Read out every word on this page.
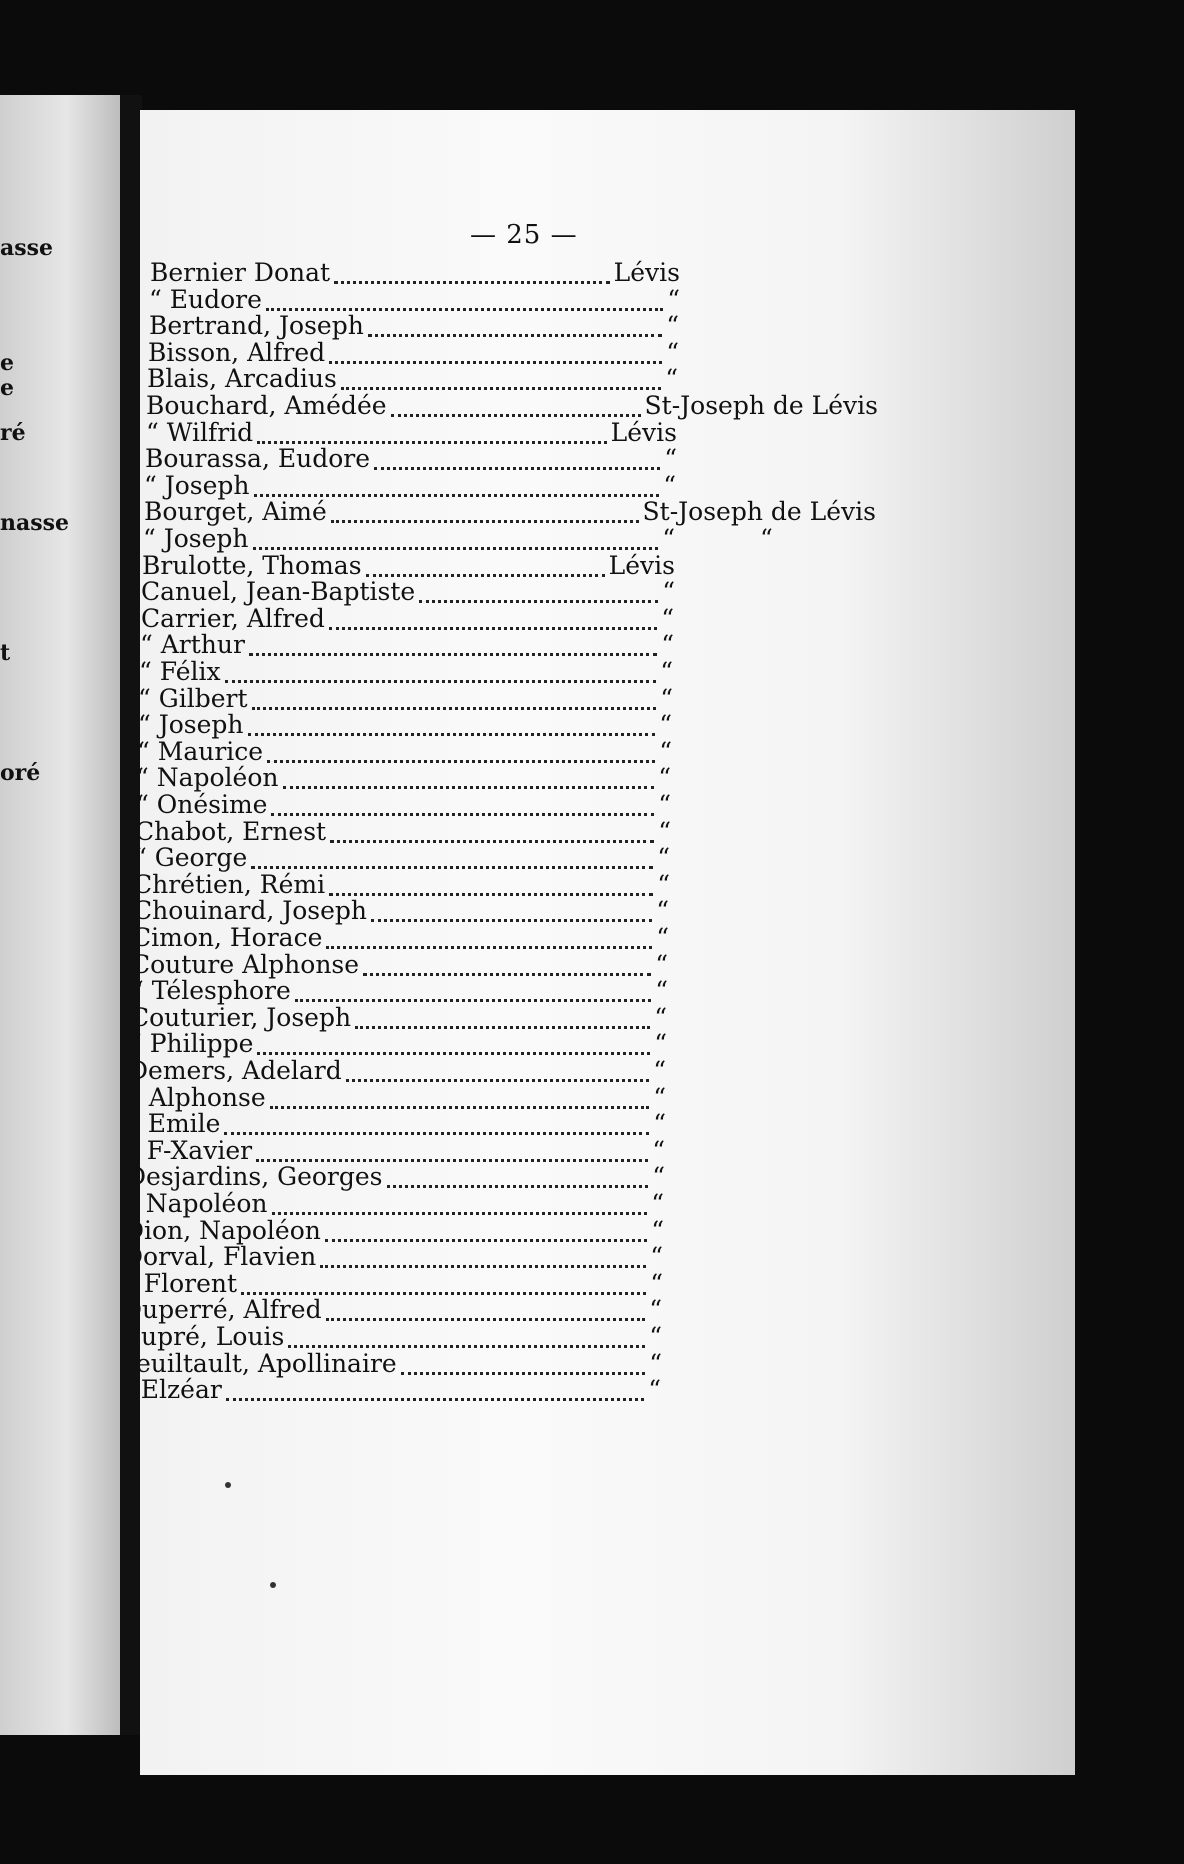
asse
e
e
ré
nasse
t
oré
— 25 —
Bernier Donat	Lévis
“ Eudore	“
Bertrand, Joseph	“
Bisson, Alfred	“
Blais, Arcadius	“
Bouchard, Amédée	St-Joseph de Lévis
“ Wilfrid	Lévis
Bourassa, Eudore	“
“ Joseph	“
Bourget, Aimé	St-Joseph de Lévis
“ Joseph	“	“
Brulotte, Thomas	Lévis
Canuel, Jean-Baptiste	“
Carrier, Alfred	“
“ Arthur	“
“ Félix	“
“ Gilbert	“
“ Joseph	“
“ Maurice	“
“ Napoléon	“
“ Onésime	“
Chabot, Ernest	“
“ George	“
Chrétien, Rémi	“
Chouinard, Joseph	“
Cimon, Horace	“
Couture Alphonse	“
“ Télesphore	“
Couturier, Joseph	“
“ Philippe	“
Demers, Adelard	“
“ Alphonse	“
“ Emile	“
“ F-Xavier	“
Desjardins, Georges	“
“ Napoléon	“
Dion, Napoléon	“
Dorval, Flavien	“
“ Florent	“
Duperré, Alfred	“
Dupré, Louis	“
Feuiltault, Apollinaire	“
“ Elzéar	“
